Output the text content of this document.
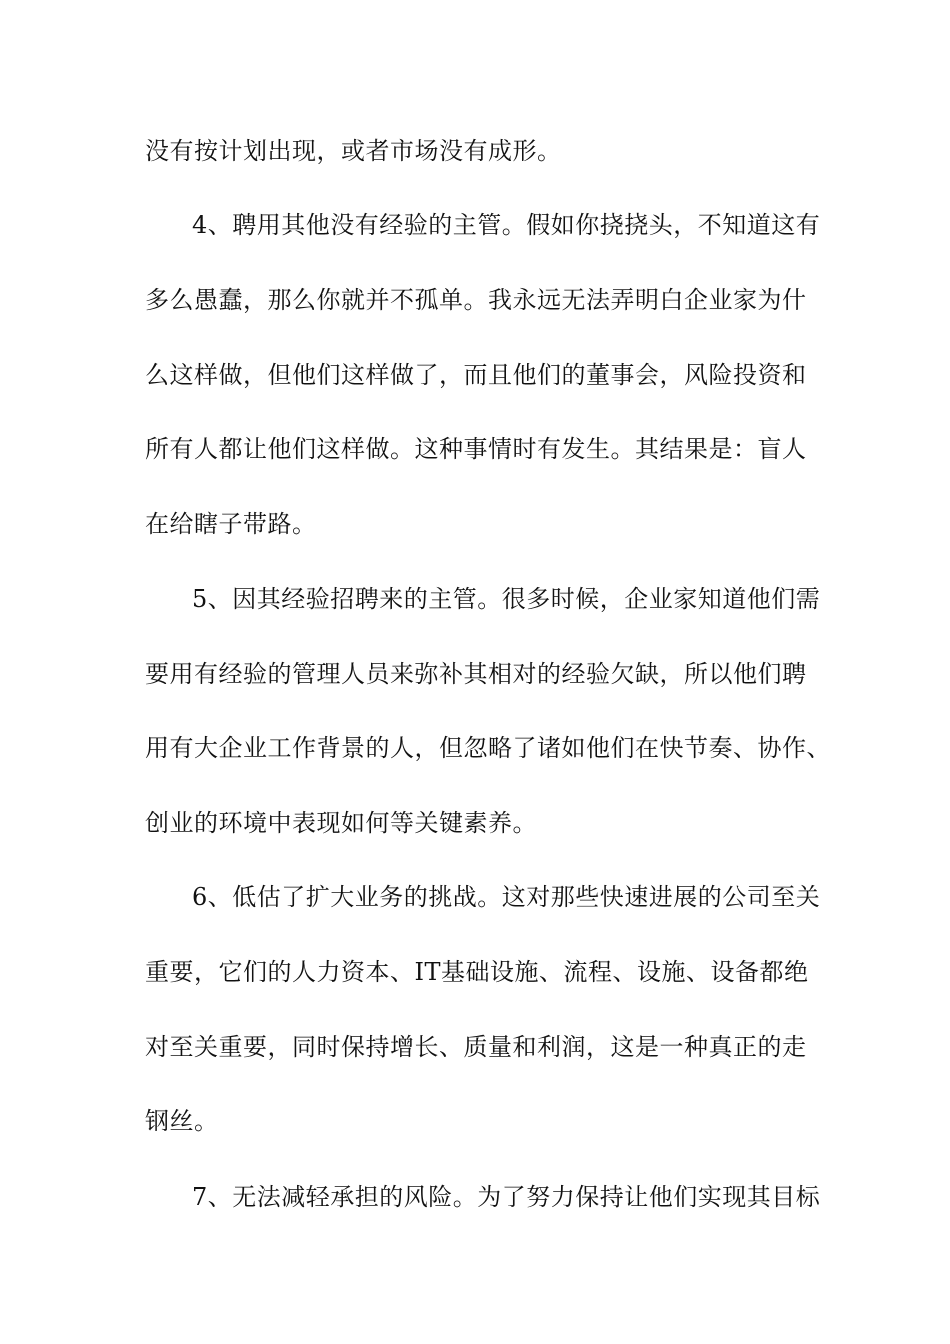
没有按计划出现，或者市场没有成形。
4、聘用其他没有经验的主管。假如你挠挠头，不知道这有
多么愚蠢，那么你就并不孤单。我永远无法弄明白企业家为什
么这样做，但他们这样做了，而且他们的董事会，风险投资和
所有人都让他们这样做。这种事情时有发生。其结果是：盲人
在给瞎子带路。
5、因其经验招聘来的主管。很多时候，企业家知道他们需
要用有经验的管理人员来弥补其相对的经验欠缺，所以他们聘
用有大企业工作背景的人，但忽略了诸如他们在快节奏、协作、
创业的环境中表现如何等关键素养。
6、低估了扩大业务的挑战。这对那些快速进展的公司至关
重要，它们的人力资本、IT基础设施、流程、设施、设备都绝
对至关重要，同时保持增长、质量和利润，这是一种真正的走
钢丝。
7、无法减轻承担的风险。为了努力保持让他们实现其目标
